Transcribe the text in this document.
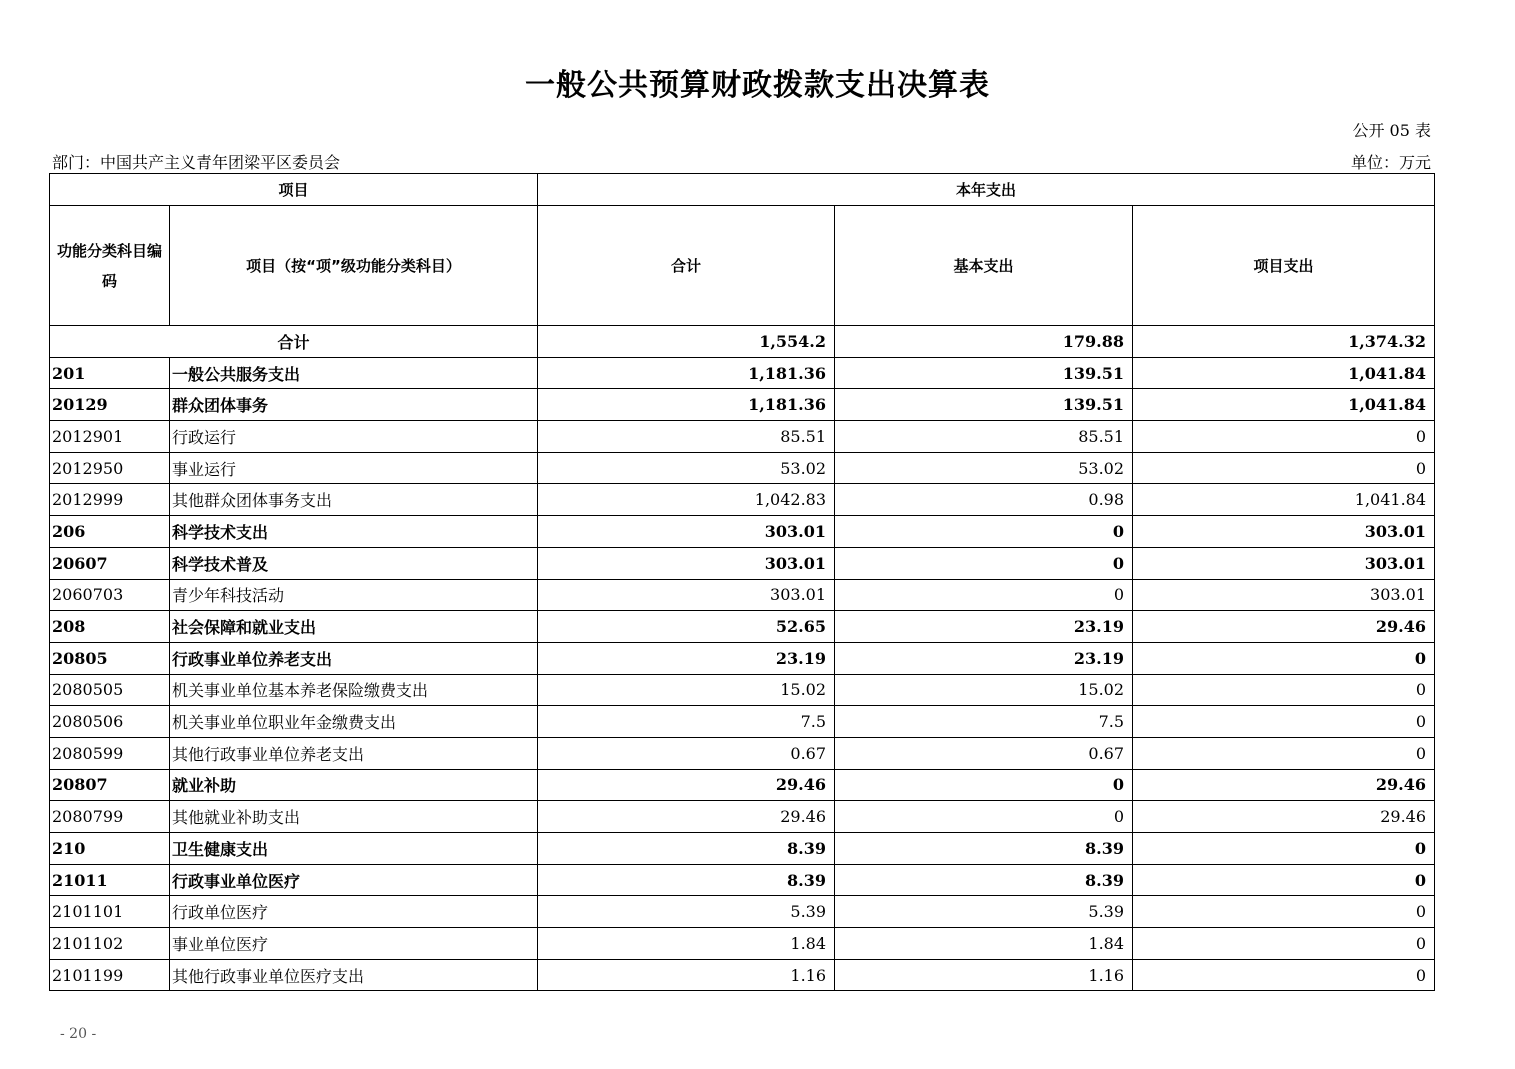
一般公共预算财政拨款支出决算表
公开 05 表
部门：中国共产主义青年团梁平区委员会	单位：万元
项目		本年支出		
功能分类科目编码	项目（按“项”级功能分类科目）	合计	基本支出	项目支出
合计		1,554.2	179.88	1,374.32
201	一般公共服务支出	1,181.36	139.51	1,041.84
20129	群众团体事务	1,181.36	139.51	1,041.84
2012901	行政运行	85.51	85.51	0
2012950	事业运行	53.02	53.02	0
2012999	其他群众团体事务支出	1,042.83	0.98	1,041.84
206	科学技术支出	303.01	0	303.01
20607	科学技术普及	303.01	0	303.01
2060703	青少年科技活动	303.01	0	303.01
208	社会保障和就业支出	52.65	23.19	29.46
20805	行政事业单位养老支出	23.19	23.19	0
2080505	机关事业单位基本养老保险缴费支出	15.02	15.02	0
2080506	机关事业单位职业年金缴费支出	7.5	7.5	0
2080599	其他行政事业单位养老支出	0.67	0.67	0
20807	就业补助	29.46	0	29.46
2080799	其他就业补助支出	29.46	0	29.46
210	卫生健康支出	8.39	8.39	0
21011	行政事业单位医疗	8.39	8.39	0
2101101	行政单位医疗	5.39	5.39	0
2101102	事业单位医疗	1.84	1.84	0
2101199	其他行政事业单位医疗支出	1.16	1.16	0
- 20 -
